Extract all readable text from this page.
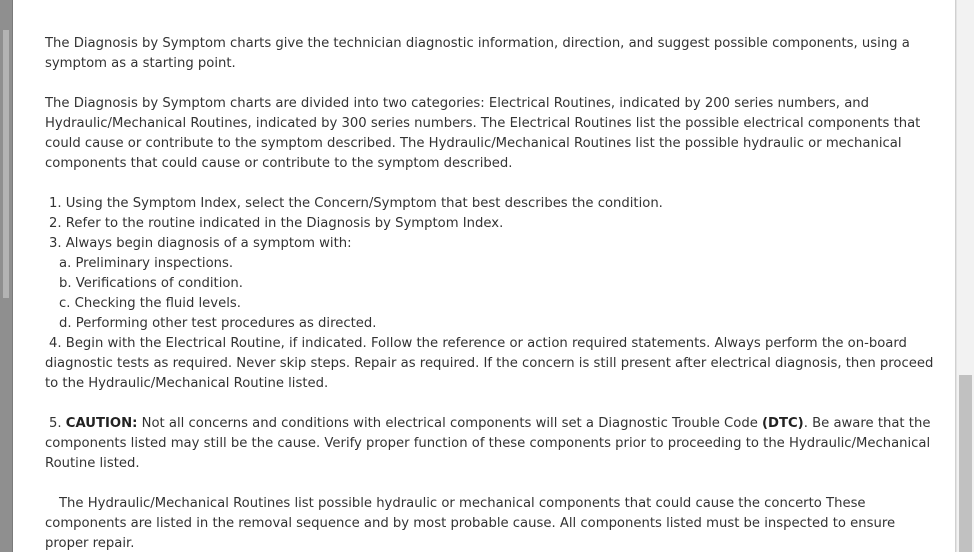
The Diagnosis by Symptom charts give the technician diagnostic information, direction, and suggest possible components, using a symptom as a starting point.

The Diagnosis by Symptom charts are divided into two categories: Electrical Routines, indicated by 200 series numbers, and Hydraulic/Mechanical Routines, indicated by 300 series numbers. The Electrical Routines list the possible electrical components that could cause or contribute to the symptom described. The Hydraulic/Mechanical Routines list the possible hydraulic or mechanical components that could cause or contribute to the symptom described.

1. Using the Symptom Index, select the Concern/Symptom that best describes the condition.

2. Refer to the routine indicated in the Diagnosis by Symptom Index.

3. Always begin diagnosis of a symptom with:

a. Preliminary inspections.

b. Verifications of condition.

c. Checking the fluid levels.

d. Performing other test procedures as directed.

4. Begin with the Electrical Routine, if indicated. Follow the reference or action required statements. Always perform the on-board diagnostic tests as required. Never skip steps. Repair as required. If the concern is still present after electrical diagnosis, then proceed to the Hydraulic/Mechanical Routine listed.

5. CAUTION: Not all concerns and conditions with electrical components will set a Diagnostic Trouble Code (DTC). Be aware that the components listed may still be the cause. Verify proper function of these components prior to proceeding to the Hydraulic/Mechanical Routine listed.

The Hydraulic/Mechanical Routines list possible hydraulic or mechanical components that could cause the concerto These components are listed in the removal sequence and by most probable cause. All components listed must be inspected to ensure proper repair.
